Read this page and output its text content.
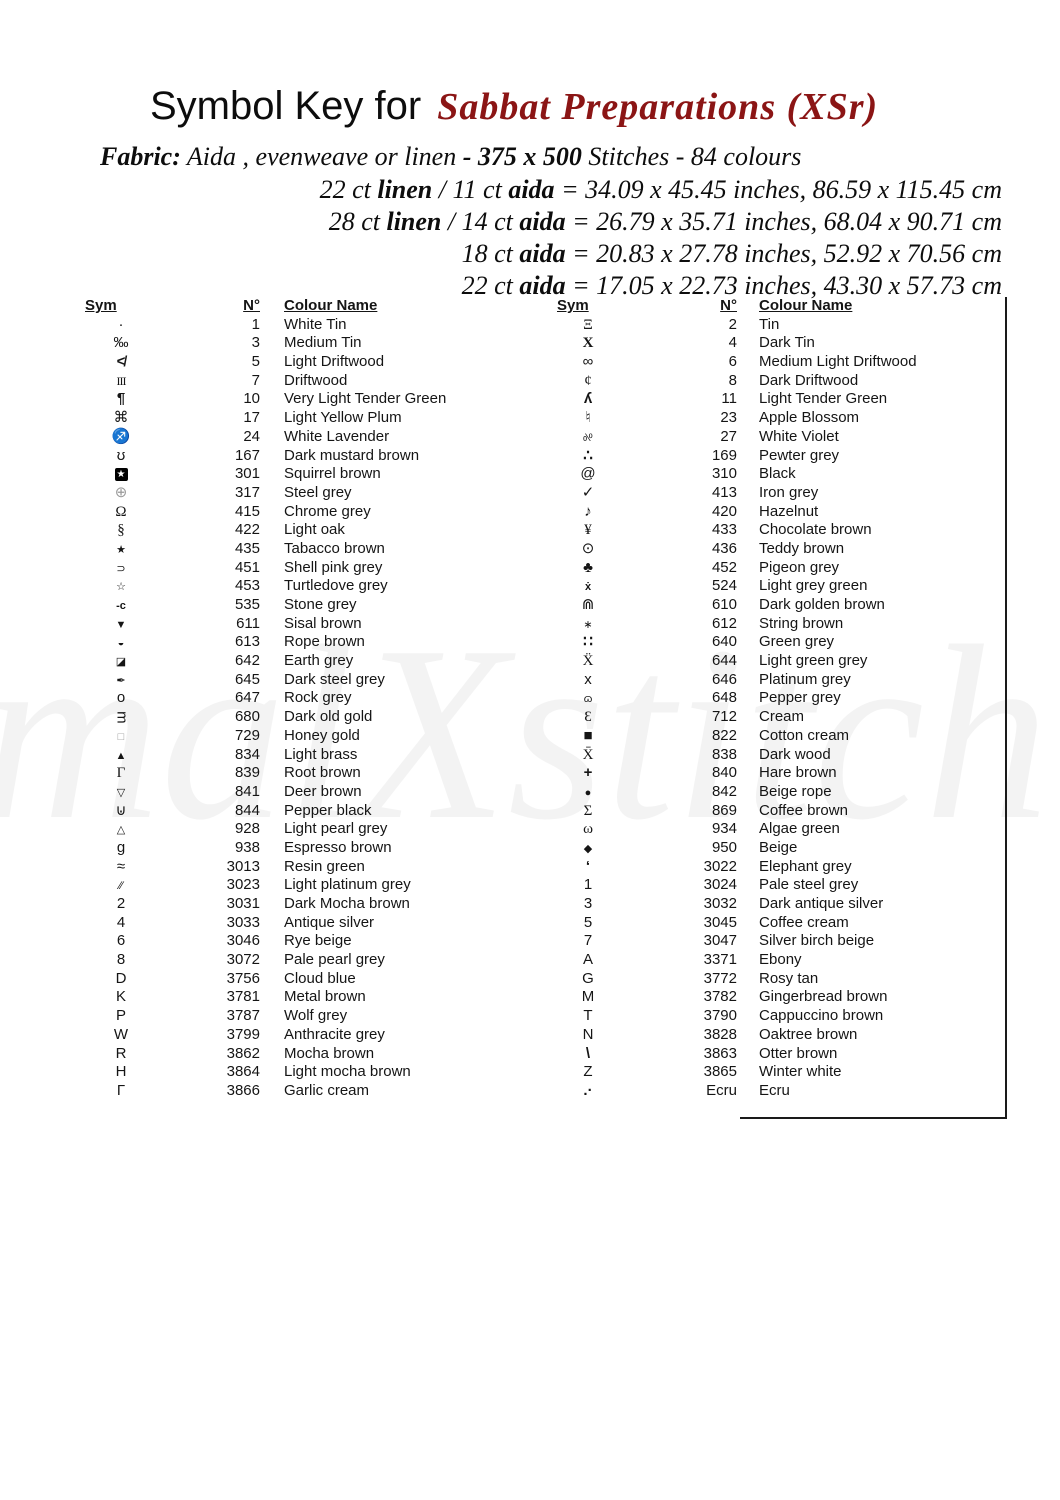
Symbol Key for Sabbat Preparations (XSr)
Fabric: Aida , evenweave or linen - 375 x 500 Stitches - 84 colours
22 ct linen / 11 ct aida = 34.09 x 45.45 inches, 86.59 x 115.45 cm
28 ct linen / 14 ct aida = 26.79 x 35.71 inches, 68.04 x 90.71 cm
18 ct aida = 20.83 x 27.78 inches, 52.92 x 70.56 cm
22 ct aida = 17.05 x 22.73 inches, 43.30 x 57.73 cm
Sym	N°	Colour Name
·	1	White Tin
‰	3	Medium Tin
≮	5	Light Driftwood
III	7	Driftwood
¶	10	Very Light Tender Green
⌘	17	Light Yellow Plum
♐	24	White Lavender
ʊ	167	Dark mustard brown
★	301	Squirrel brown
⊕	317	Steel grey
Ω	415	Chrome grey
§	422	Light oak
★	435	Tabacco brown
⊃	451	Shell pink grey
☆	453	Turtledove grey
-c	535	Stone grey
▼	611	Sisal brown
◒	613	Rope brown
◪	642	Earth grey
✒	645	Dark steel grey
o	647	Rock grey
m	680	Dark old gold
□	729	Honey gold
▲	834	Light brass
Γ	839	Root brown
▽	841	Deer brown
⊍	844	Pepper black
△	928	Light pearl grey
g	938	Espresso brown
≈	3013	Resin green
∕∕	3023	Light platinum grey
2	3031	Dark Mocha brown
4	3033	Antique silver
6	3046	Rye beige
8	3072	Pale pearl grey
D	3756	Cloud blue
K	3781	Metal brown
P	3787	Wolf grey
W	3799	Anthracite grey
R	3862	Mocha brown
H	3864	Light mocha brown
Γ	3866	Garlic cream
Sym	N°	Colour Name
Ξ	2	Tin
X	4	Dark Tin
∞	6	Medium Light Driftwood
¢	8	Dark Driftwood
ʎ	11	Light Tender Green
♮	23	Apple Blossom
%	27	White Violet
∴	169	Pewter grey
@	310	Black
✓	413	Iron grey
♪	420	Hazelnut
¥	433	Chocolate brown
⊙	436	Teddy brown
♣	452	Pigeon grey
ẋ	524	Light grey green
⋒	610	Dark golden brown
∗	612	String brown
∷	640	Green grey
Ẍ	644	Light green grey
x	646	Platinum grey
ɷ	648	Pepper grey
Ɛ	712	Cream
■	822	Cotton cream
X̄	838	Dark wood
+	840	Hare brown
●	842	Beige rope
Σ	869	Coffee brown
ω	934	Algae green
◆	950	Beige
‘	3022	Elephant grey
1	3024	Pale steel grey
3	3032	Dark antique silver
5	3045	Coffee cream
7	3047	Silver birch beige
A	3371	Ebony
G	3772	Rosy tan
M	3782	Gingerbread brown
T	3790	Cappuccino brown
N	3828	Oaktree brown
\	3863	Otter brown
Z	3865	Winter white
.·	Ecru	Ecru
